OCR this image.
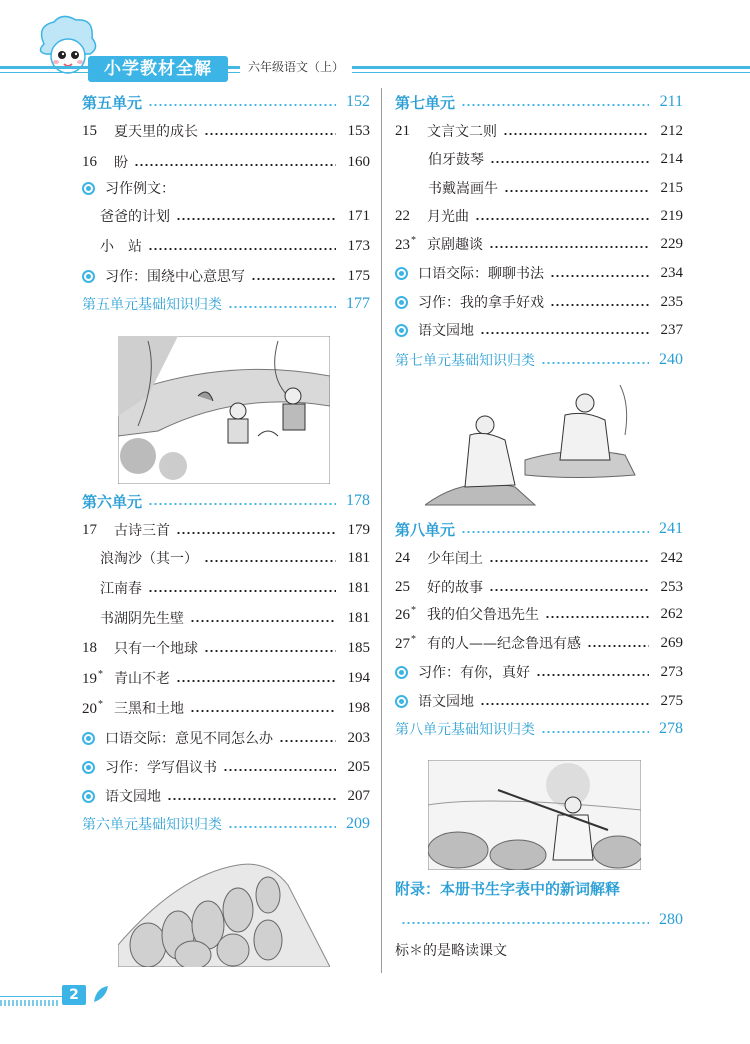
小学教材全解	六年级语文（上）
第五单元	152
15	夏天里的成长	153
16	盼	160
习作例文：
爸爸的计划	171
小　站	173
习作：围绕中心意思写	175
第五单元基础知识归类	177
第六单元	178
17	古诗三首	179
浪淘沙（其一）	181
江南春	181
书湖阴先生壁	181
18	只有一个地球	185
19* 青山不老	194
20* 三黑和土地	198
口语交际：意见不同怎么办	203
习作：学写倡议书	205
语文园地	207
第六单元基础知识归类	209
第七单元	211
21	文言文二则	212
伯牙鼓琴	214
书戴嵩画牛	215
22	月光曲	219
23* 京剧趣谈	229
口语交际：聊聊书法	234
习作：我的拿手好戏	235
语文园地	237
第七单元基础知识归类	240
第八单元	241
24	少年闰土	242
25	好的故事	253
26* 我的伯父鲁迅先生	262
27* 有的人——纪念鲁迅有感	269
习作：有你，真好	273
语文园地	275
第八单元基础知识归类	278
附录：本册书生字表中的新词解释
280
标＊的是略读课文
2
